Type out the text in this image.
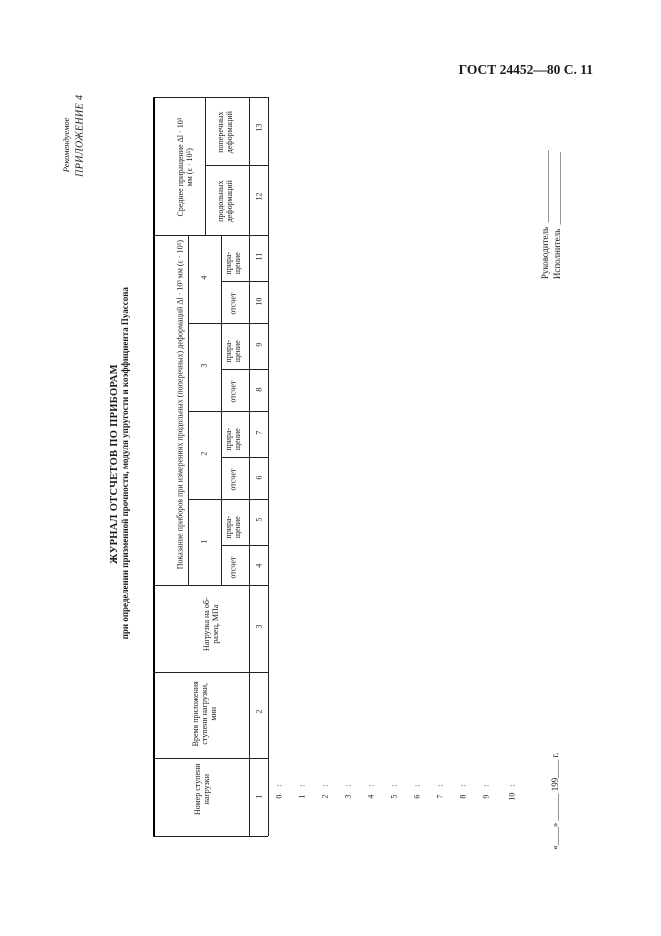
ГОСТ 24452—80 С. 11
ПРИЛОЖЕНИЕ 4
Рекомендуемое
ЖУРНАЛ ОТСЧЕТОВ ПО ПРИБОРАМ при определении призменной прочности, модуля упругости и коэффициента Пуассона
Номер ступени нагрузки
Время приложения ступени нагрузки, мин
Нагрузка на об-разец, МПа
Показание приборов при измерениях продольных (поперечных) деформаций Δl · 10³ мм (ε · 10⁵)
Среднее приращение Δl · 10³ мм (ε · 10⁵)
продольных деформаций
поперечных деформаций
1
2
3
4
отсчет
прира-щение
отсчет
прира-щение
отсчет
прира-щение
отсчет
прира-щение
1
2
3
4
5
6
7
8
9
10
11
12
13
0
:
1
:
2
:
3
:
4
:
5
:
6
:
7
:
8
:
9
:
10
:	«____» ______ 199____ г.
Руководитель  ________________
Исполнитель  ________________
